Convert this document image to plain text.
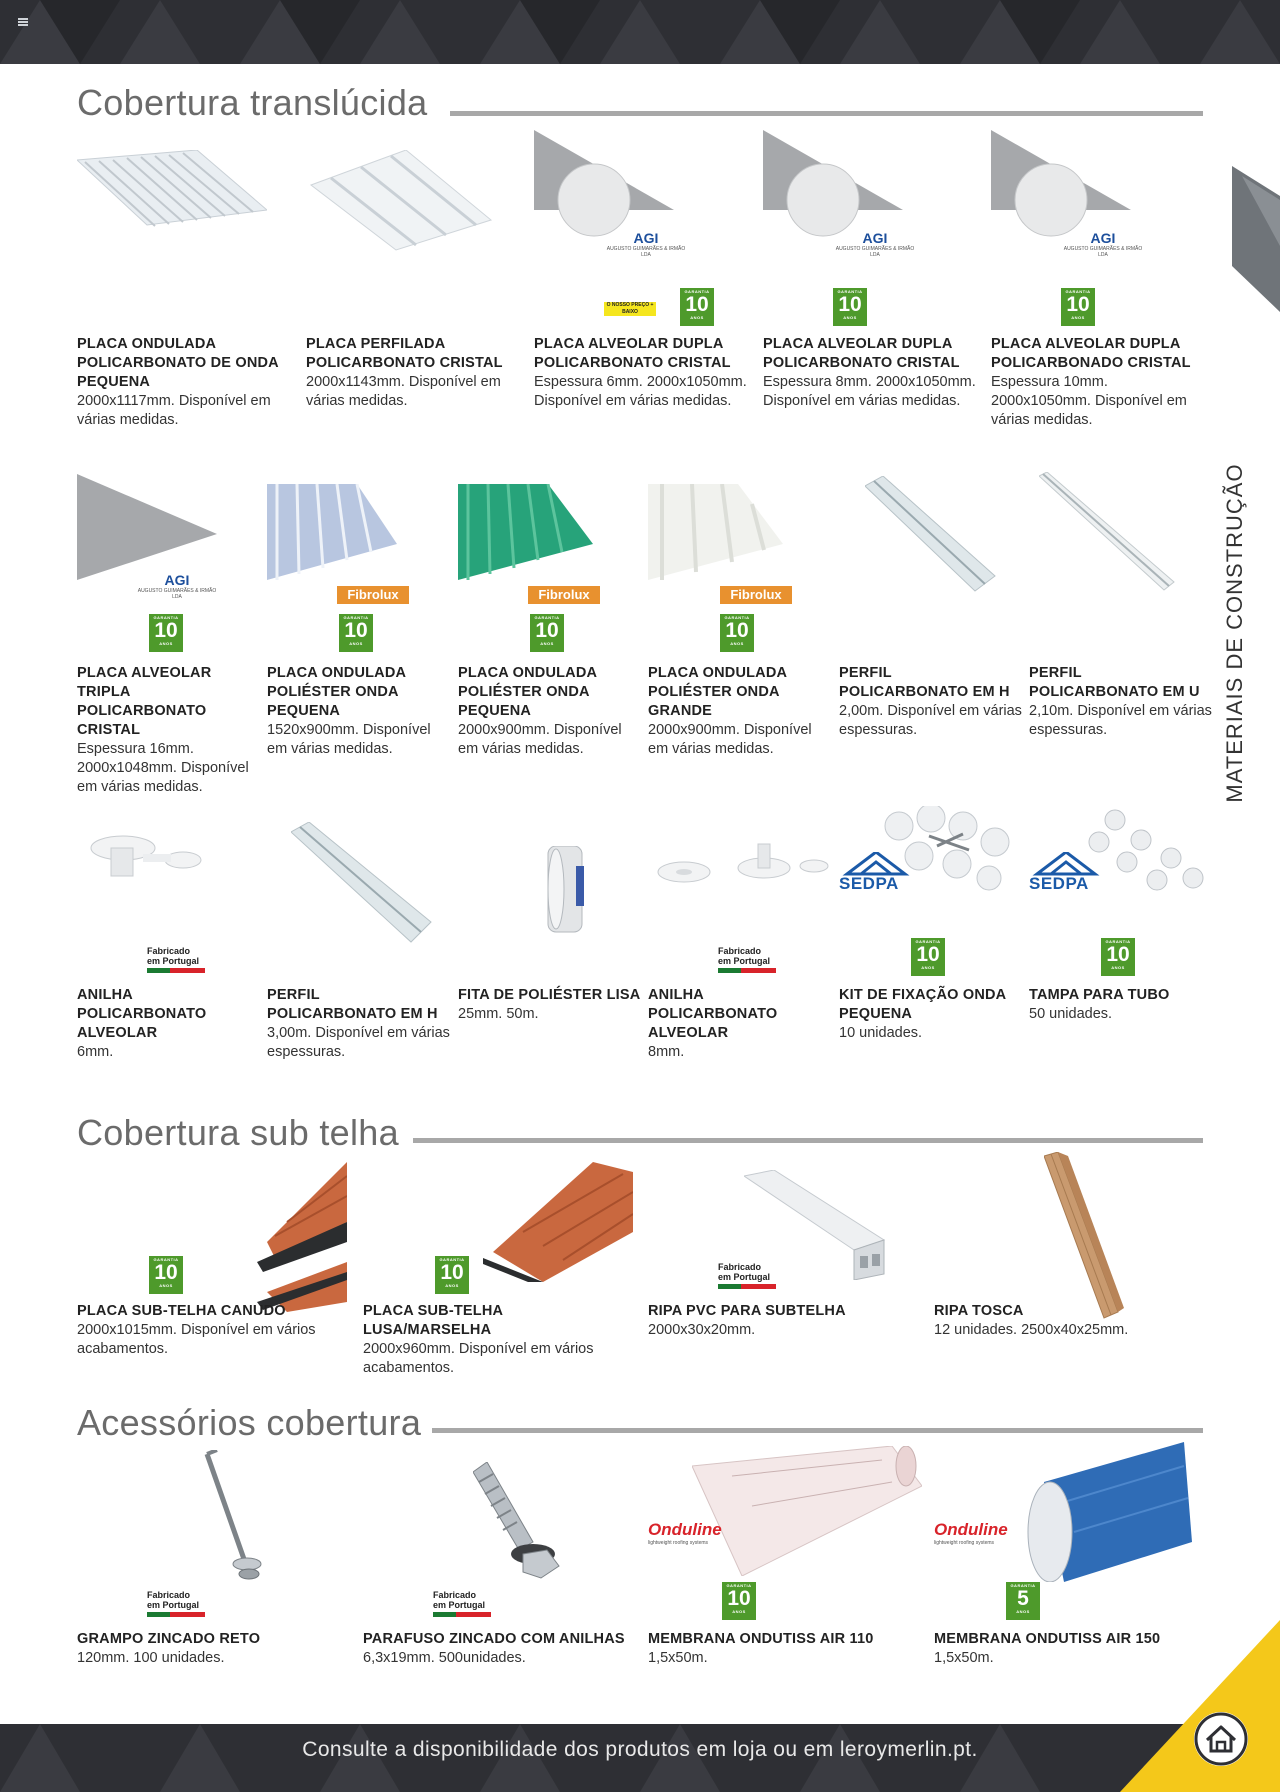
MATERIAIS DE CONSTRUÇÃO
Cobertura translúcida
PLACA ONDULADA POLICARBONATO DE ONDA PEQUENA
2000x1117mm. Disponível em várias medidas.
PLACA PERFILADA POLICARBONATO CRISTAL
2000x1143mm. Disponível em várias medidas.
AGI
AUGUSTO GUIMARÃES & IRMÃO LDA
O NOSSO PREÇO + BAIXO
GARANTIA
10
ANOS
PLACA ALVEOLAR DUPLA POLICARBONATO CRISTAL
Espessura 6mm. 2000x1050mm. Disponível em várias medidas.
AGI
AUGUSTO GUIMARÃES & IRMÃO LDA
GARANTIA
10
ANOS
PLACA ALVEOLAR DUPLA POLICARBONATO CRISTAL
Espessura 8mm. 2000x1050mm. Disponível em várias medidas.
AGI
AUGUSTO GUIMARÃES & IRMÃO LDA
GARANTIA
10
ANOS
PLACA ALVEOLAR DUPLA POLICARBONADO CRISTAL
Espessura 10mm. 2000x1050mm. Disponível em várias medidas.
AGI
AUGUSTO GUIMARÃES & IRMÃO LDA
GARANTIA
10
ANOS
PLACA ALVEOLAR TRIPLA POLICARBONATO CRISTAL
Espessura 16mm. 2000x1048mm. Disponível em várias medidas.
Fibrolux
GARANTIA
10
ANOS
PLACA ONDULADA POLIÉSTER ONDA PEQUENA
1520x900mm. Disponível em várias medidas.
Fibrolux
GARANTIA
10
ANOS
PLACA ONDULADA POLIÉSTER ONDA PEQUENA
2000x900mm. Disponível em várias medidas.
Fibrolux
GARANTIA
10
ANOS
PLACA ONDULADA POLIÉSTER ONDA GRANDE
2000x900mm. Disponível em várias medidas.
PERFIL POLICARBONATO EM H
2,00m. Disponível em várias espessuras.
PERFIL POLICARBONATO EM U
2,10m. Disponível em várias espessuras.
Fabricado
em Portugal
ANILHA POLICARBONATO ALVEOLAR
6mm.
PERFIL POLICARBONATO EM H
3,00m. Disponível em várias espessuras.
FITA DE POLIÉSTER LISA
25mm. 50m.
Fabricado
em Portugal
ANILHA POLICARBONATO ALVEOLAR
8mm.
SEDPA
GARANTIA
10
ANOS
KIT DE FIXAÇÃO ONDA PEQUENA
10 unidades.
SEDPA
GARANTIA
10
ANOS
TAMPA PARA TUBO
50 unidades.
Cobertura sub telha
GARANTIA
10
ANOS
PLACA SUB-TELHA CANUDO
2000x1015mm. Disponível em vários acabamentos.
GARANTIA
10
ANOS
PLACA SUB-TELHA LUSA/MARSELHA
2000x960mm. Disponível em vários acabamentos.
Fabricado
em Portugal
RIPA PVC PARA SUBTELHA
2000x30x20mm.
RIPA TOSCA
12 unidades. 2500x40x25mm.
Acessórios cobertura
Fabricado
em Portugal
GRAMPO ZINCADO RETO
120mm. 100 unidades.
Fabricado
em Portugal
PARAFUSO ZINCADO COM ANILHAS
6,3x19mm. 500unidades.
Onduline
lightweight roofing systems
GARANTIA
10
ANOS
MEMBRANA ONDUTISS AIR 110
1,5x50m.
Onduline
lightweight roofing systems
GARANTIA
5
ANOS
MEMBRANA ONDUTISS AIR 150
1,5x50m.
Consulte a disponibilidade dos produtos em loja ou em leroymerlin.pt.
